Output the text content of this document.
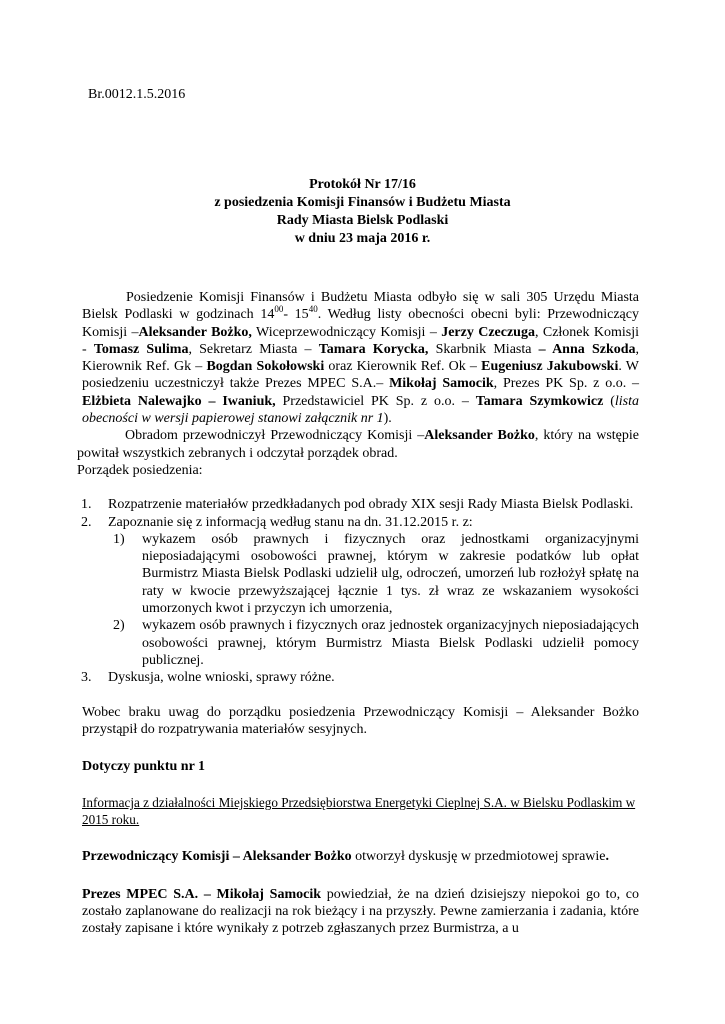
Br.0012.1.5.2016
Protokół Nr 17/16
z posiedzenia Komisji Finansów i Budżetu Miasta
Rady Miasta Bielsk Podlaski
w dniu 23 maja 2016 r.

Posiedzenie Komisji Finansów i Budżetu Miasta odbyło się w sali 305 Urzędu Miasta Bielsk Podlaski w godzinach $14^{00}-$ $15^{40}$. Według listy obecności obecni byli: Przewodniczący Komisji –Aleksander Bożko, Wiceprzewodniczący Komisji – Jerzy Czeczuga, Członek Komisji - Tomasz Sulima, Sekretarz Miasta – Tamara Korycka, Skarbnik Miasta – Anna Szkoda, Kierownik Ref. Gk – Bogdan Sokołowski oraz Kierownik Ref. Ok – Eugeniusz Jakubowski. W posiedzeniu uczestniczył także Prezes MPEC S.A.– Mikołaj Samocik, Prezes PK Sp. z o.o. – Elżbieta Nalewajko – Iwaniuk, Przedstawiciel PK Sp. z o.o. – Tamara Szymkowicz (lista obecności w wersji papierowej stanowi załącznik nr 1).

Obradom przewodniczył Przewodniczący Komisji –Aleksander Bożko, który na wstępie powitał wszystkich zebranych i odczytał porządek obrad.

Porządek posiedzenia:

1. Rozpatrzenie materiałów przedkładanych pod obrady XIX sesji Rady Miasta Bielsk Podlaski.
2. Zapoznanie się z informacją według stanu na dn. 31.12.2015 r. z:
1) wykazem osób prawnych i fizycznych oraz jednostkami organizacyjnymi nieposiadającymi osobowości prawnej, którym w zakresie podatków lub opłat Burmistrz Miasta Bielsk Podlaski udzielił ulg, odroczeń, umorzeń lub rozłożył spłatę na raty w kwocie przewyższającej łącznie 1 tys. zł wraz ze wskazaniem wysokości umorzonych kwot i przyczyn ich umorzenia,
2) wykazem osób prawnych i fizycznych oraz jednostek organizacyjnych nieposiadających osobowości prawnej, którym Burmistrz Miasta Bielsk Podlaski udzielił pomocy publicznej.
3. Dyskusja, wolne wnioski, sprawy różne.

Wobec braku uwag do porządku posiedzenia Przewodniczący Komisji – Aleksander Bożko przystąpił do rozpatrywania materiałów sesyjnych.

Dotyczy punktu nr 1

Informacja z działalności Miejskiego Przedsiębiorstwa Energetyki Cieplnej S.A. w Bielsku Podlaskim w 2015 roku.

Przewodniczący Komisji – Aleksander Bożko otworzył dyskusję w przedmiotowej sprawie.

Prezes MPEC S.A. – Mikołaj Samocik powiedział, że na dzień dzisiejszy niepokoi go to, co zostało zaplanowane do realizacji na rok bieżący i na przyszły. Pewne zamierzania i zadania, które zostały zapisane i które wynikały z potrzeb zgłaszanych przez Burmistrza, a u
